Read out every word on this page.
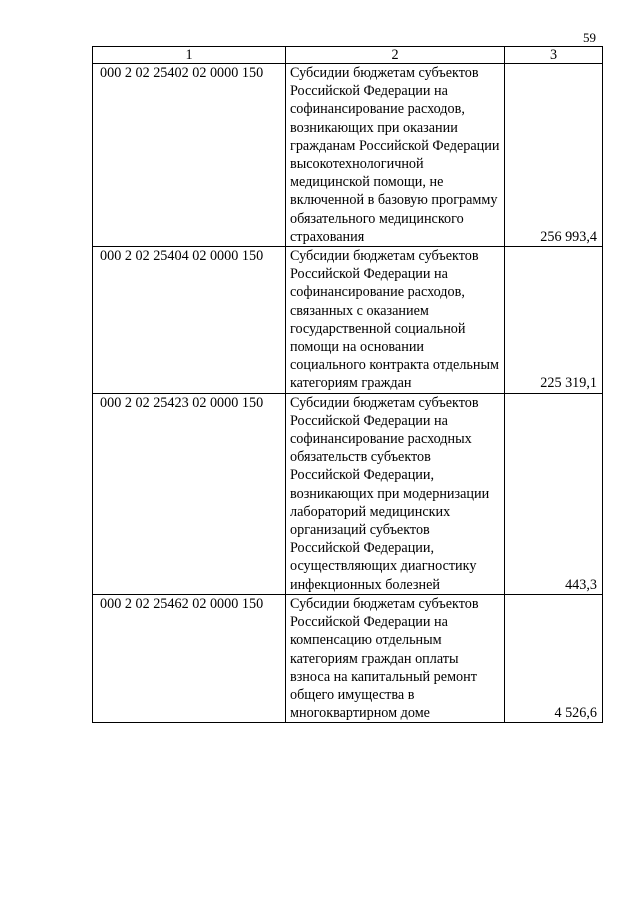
59
1	2	3
000 2 02 25402 02 0000 150	Субсидии бюджетам субъектов Российской Федерации на софинансирование расходов, возникающих при оказании гражданам Российской Федерации высокотехнологичной медицинской помощи, не включенной в базовую программу обязательного медицинского страхования	256 993,4
000 2 02 25404 02 0000 150	Субсидии бюджетам субъектов Российской Федерации на софинансирование расходов, связанных с оказанием государственной социальной помощи на основании социального контракта отдельным категориям граждан	225 319,1
000 2 02 25423 02 0000 150	Субсидии бюджетам субъектов Российской Федерации на софинансирование расходных обязательств субъектов Российской Федерации, возникающих при модернизации лабораторий медицинских организаций субъектов Российской Федерации, осуществляющих диагностику инфекционных болезней	443,3
000 2 02 25462 02 0000 150	Субсидии бюджетам субъектов Российской Федерации на компенсацию отдельным категориям граждан оплаты взноса на капитальный ремонт общего имущества в многоквартирном доме	4 526,6
